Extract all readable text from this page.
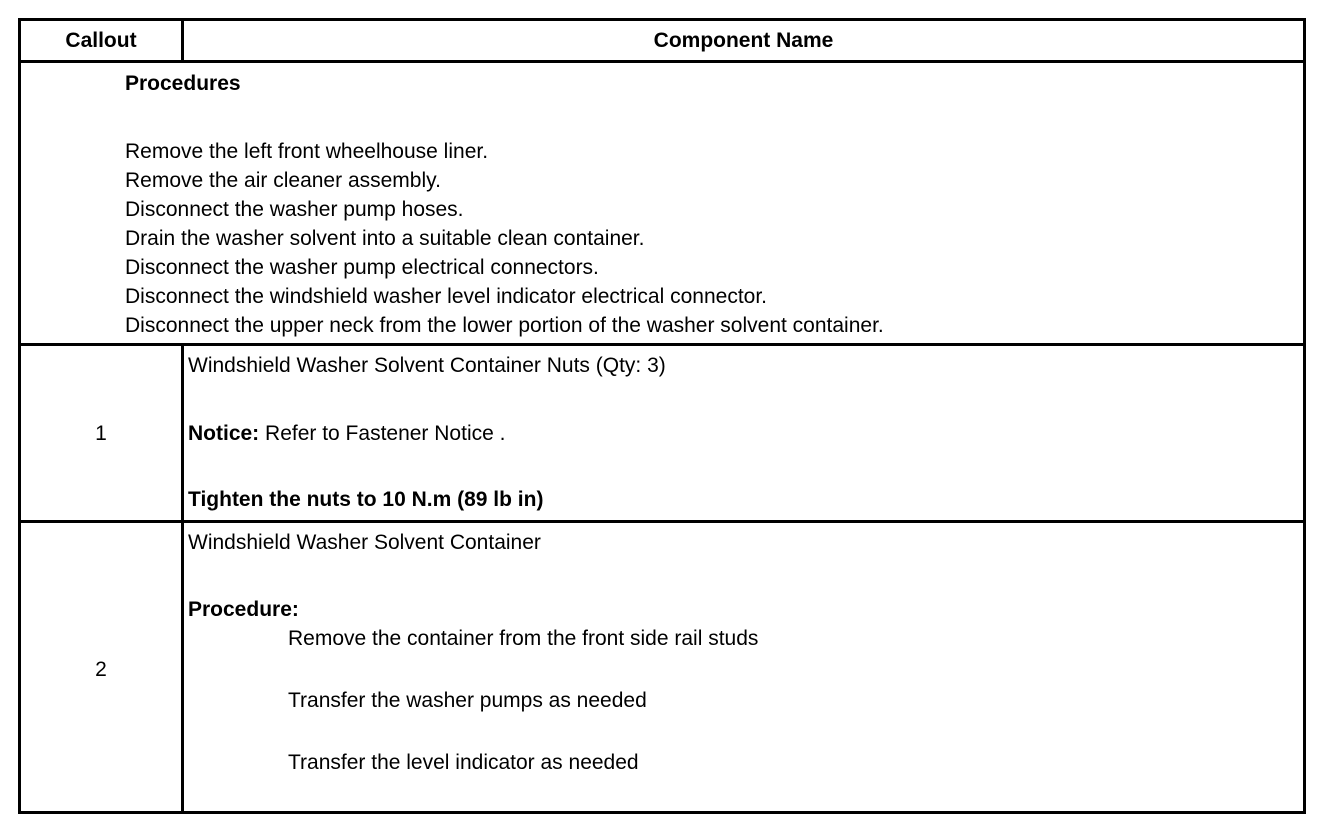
Callout	Component Name
Procedures
Remove the left front wheelhouse liner.
Remove the air cleaner assembly.
Disconnect the washer pump hoses.
Drain the washer solvent into a suitable clean container.
Disconnect the washer pump electrical connectors.
Disconnect the windshield washer level indicator electrical connector.
Disconnect the upper neck from the lower portion of the washer solvent container.
1
Windshield Washer Solvent Container Nuts (Qty: 3)
Notice: Refer to Fastener Notice .
Tighten the nuts to 10 N.m (89 lb in)
2
Windshield Washer Solvent Container
Procedure:
Remove the container from the front side rail studs
Transfer the washer pumps as needed
Transfer the level indicator as needed
